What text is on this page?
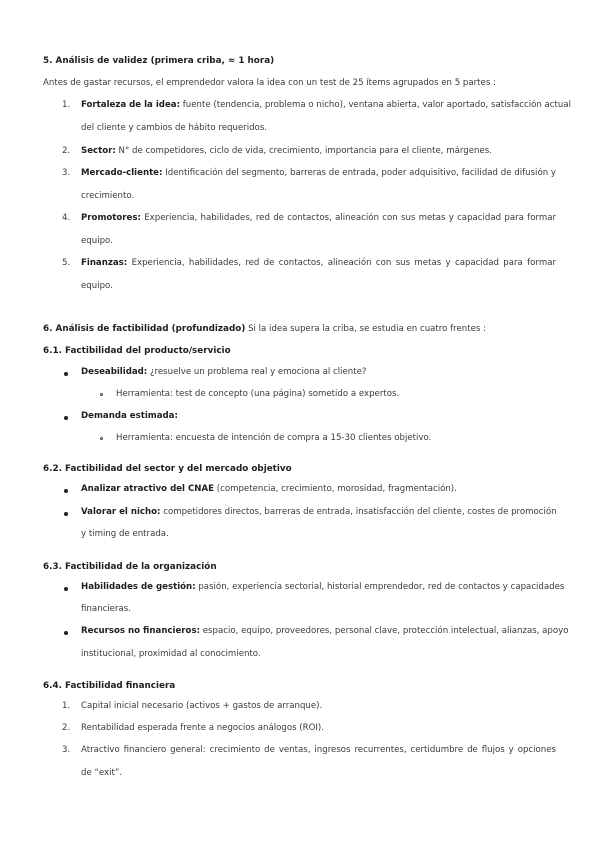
5. Análisis de validez (primera criba, ≈ 1 hora)
Antes de gastar recursos, el emprendedor valora la idea con un test de 25 ítems agrupados en 5 partes :
1. Fortaleza de la idea: fuente (tendencia, problema o nicho), ventana abierta, valor aportado, satisfacción actual
del cliente y cambios de hábito requeridos.
2. Sector: N° de competidores, ciclo de vida, crecimiento, importancia para el cliente, márgenes.
3. Mercado-cliente: Identificación del segmento, barreras de entrada, poder adquisitivo, facilidad de difusión y
crecimiento.
4. Promotores: Experiencia, habilidades, red de contactos, alineación con sus metas y capacidad para formar
equipo.
5. Finanzas: Experiencia, habilidades, red de contactos, alineación con sus metas y capacidad para formar
equipo.
6. Análisis de factibilidad (profundizado) Si la idea supera la criba, se estudia en cuatro frentes :
6.1. Factibilidad del producto/servicio
Deseabilidad: ¿resuelve un problema real y emociona al cliente?
Herramienta: test de concepto (una página) sometido a expertos.
Demanda estimada:
Herramienta: encuesta de intención de compra a 15-30 clientes objetivo.
6.2. Factibilidad del sector y del mercado objetivo
Analizar atractivo del CNAE (competencia, crecimiento, morosidad, fragmentación).
Valorar el nicho: competidores directos, barreras de entrada, insatisfacción del cliente, costes de promoción
y timing de entrada.
6.3. Factibilidad de la organización
Habilidades de gestión: pasión, experiencia sectorial, historial emprendedor, red de contactos y capacidades
financieras.
Recursos no financieros: espacio, equipo, proveedores, personal clave, protección intelectual, alianzas, apoyo
institucional, proximidad al conocimiento.
6.4. Factibilidad financiera
1. Capital inicial necesario (activos + gastos de arranque).
2. Rentabilidad esperada frente a negocios análogos (ROI).
3. Atractivo financiero general: crecimiento de ventas, ingresos recurrentes, certidumbre de flujos y opciones
de “exit”.
